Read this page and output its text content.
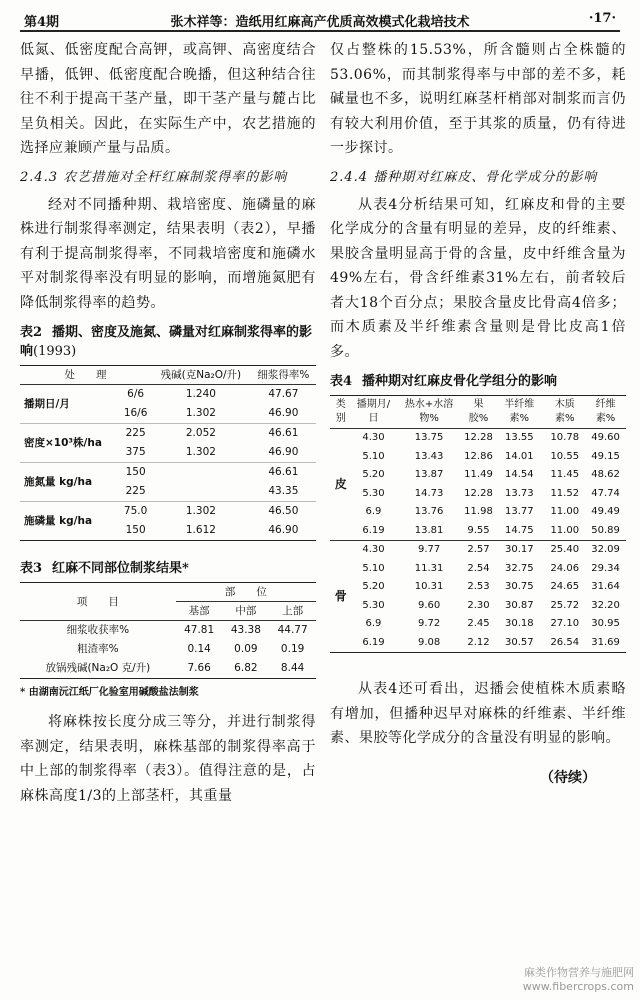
第4期	张木祥等：造纸用红麻高产优质高效模式化栽培技术	·17·

低氮、低密度配合高钾，或高钾、高密度结合早播，低钾、低密度配合晚播，但这种结合往往不利于提高干茎产量，即干茎产量与麓占比呈负相关。因此，在实际生产中，农艺措施的选择应兼顾产量与品质。

2.4.3 农艺措施对全杆红麻制浆得率的影响

经对不同播种期、栽培密度、施磷量的麻株进行制浆得率测定，结果表明（表2），早播有利于提高制浆得率，不同栽培密度和施磷水平对制浆得率没有明显的影响，而增施氮肥有降低制浆得率的趋势。

表2 播期、密度及施氮、磷量对红麻制浆得率的影响(1993)
处　　理		残碱(克Na₂O/升)	细浆得率%
播期日/月	6/6	1.240	47.67
	16/6	1.302	46.90
密度×10³株/ha	225	2.052	46.61
	375	1.302	46.90
施氮量 kg/ha	150		46.61
	225		43.35
施磷量 kg/ha	75.0	1.302	46.50
	150	1.612	46.90
表3 红麻不同部位制浆结果*
项　　目	部　　位		
	基部	中部	上部
细浆收获率%	47.81	43.38	44.77
粗渣率%	0.14	0.09	0.19
放锅残碱(Na₂O 克/升)	7.66	6.82	8.44
* 由湖南沅江纸厂化验室用碱酸盐法制浆

将麻株按长度分成三等分，并进行制浆得率测定，结果表明，麻株基部的制浆得率高于中上部的制浆得率（表3）。值得注意的是，占麻株高度1/3的上部茎杆，其重量

仅占整株的15.53%，所含髓则占全株髓的53.06%，而其制浆得率与中部的差不多，耗碱量也不多，说明红麻茎杆梢部对制浆而言仍有较大利用价值，至于其浆的质量，仍有待进一步探讨。

2.4.4 播种期对红麻皮、骨化学成分的影响

从表4分析结果可知，红麻皮和骨的主要化学成分的含量有明显的差异，皮的纤维素、果胶含量明显高于骨的含量，皮中纤维含量为49%左右，骨含纤维素31%左右，前者较后者大18个百分点；果胶含量皮比骨高4倍多；而木质素及半纤维素含量则是骨比皮高1倍多。

表4 播种期对红麻皮骨化学组分的影响
类别	播期月/日	热水+水溶物%	果胶%	半纤维素%	木质素%	纤维素%
皮	4.30	13.75	12.28	13.55	10.78	49.60
	5.10	13.43	12.86	14.01	10.55	49.15
	5.20	13.87	11.49	14.54	11.45	48.62
	5.30	14.73	12.28	13.73	11.52	47.74
	6.9	13.76	11.98	13.77	11.00	49.49
	6.19	13.81	9.55	14.75	11.00	50.89
骨	4.30	9.77	2.57	30.17	25.40	32.09
	5.10	11.31	2.54	32.75	24.06	29.34
	5.20	10.31	2.53	30.75	24.65	31.64
	5.30	9.60	2.30	30.87	25.72	32.20
	6.9	9.72	2.45	30.18	27.10	30.95
	6.19	9.08	2.12	30.57	26.54	31.69

从表4还可看出，迟播会使植株木质素略有增加，但播种迟早对麻株的纤维素、半纤维素、果胶等化学成分的含量没有明显的影响。

（待续）
麻类作物营养与施肥网
www.fibercrops.com
